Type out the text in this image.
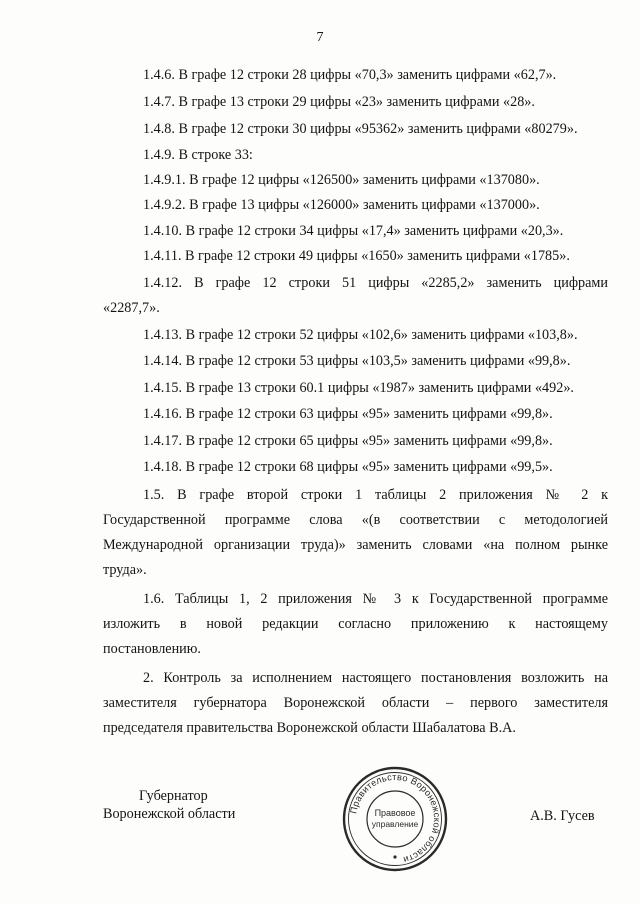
7
1.4.6. В графе 12 строки 28 цифры «70,3» заменить цифрами «62,7».
1.4.7. В графе 13 строки 29 цифры «23» заменить цифрами «28».
1.4.8. В графе 12 строки 30 цифры «95362» заменить цифрами «80279».
1.4.9. В строке 33:
1.4.9.1. В графе 12 цифры «126500» заменить цифрами «137080».
1.4.9.2. В графе 13 цифры «126000» заменить цифрами «137000».
1.4.10. В графе 12 строки 34 цифры «17,4» заменить цифрами «20,3».
1.4.11. В графе 12 строки 49 цифры «1650» заменить цифрами «1785».
1.4.12. В графе 12 строки 51 цифры «2285,2» заменить цифрами
«2287,7».
1.4.13. В графе 12 строки 52 цифры «102,6» заменить цифрами «103,8».
1.4.14. В графе 12 строки 53 цифры «103,5» заменить цифрами «99,8».
1.4.15. В графе 13 строки 60.1 цифры «1987» заменить цифрами «492».
1.4.16. В графе 12 строки 63 цифры «95» заменить цифрами «99,8».
1.4.17. В графе 12 строки 65 цифры «95» заменить цифрами «99,8».
1.4.18. В графе 12 строки 68 цифры «95» заменить цифрами «99,5».
1.5. В графе второй строки 1 таблицы 2 приложения № 2 к
Государственной программе слова «(в соответствии с методологией
Международной организации труда)» заменить словами «на полном рынке
труда».
1.6. Таблицы 1, 2 приложения № 3 к Государственной программе
изложить в новой редакции согласно приложению к настоящему
постановлению.
2. Контроль за исполнением настоящего постановления возложить на
заместителя губернатора Воронежской области – первого заместителя
председателя правительства Воронежской области Шабалатова В.А.
Губернатор
Воронежской области	Правительство Воронежской области
Правовое
управление	А.В. Гусев
